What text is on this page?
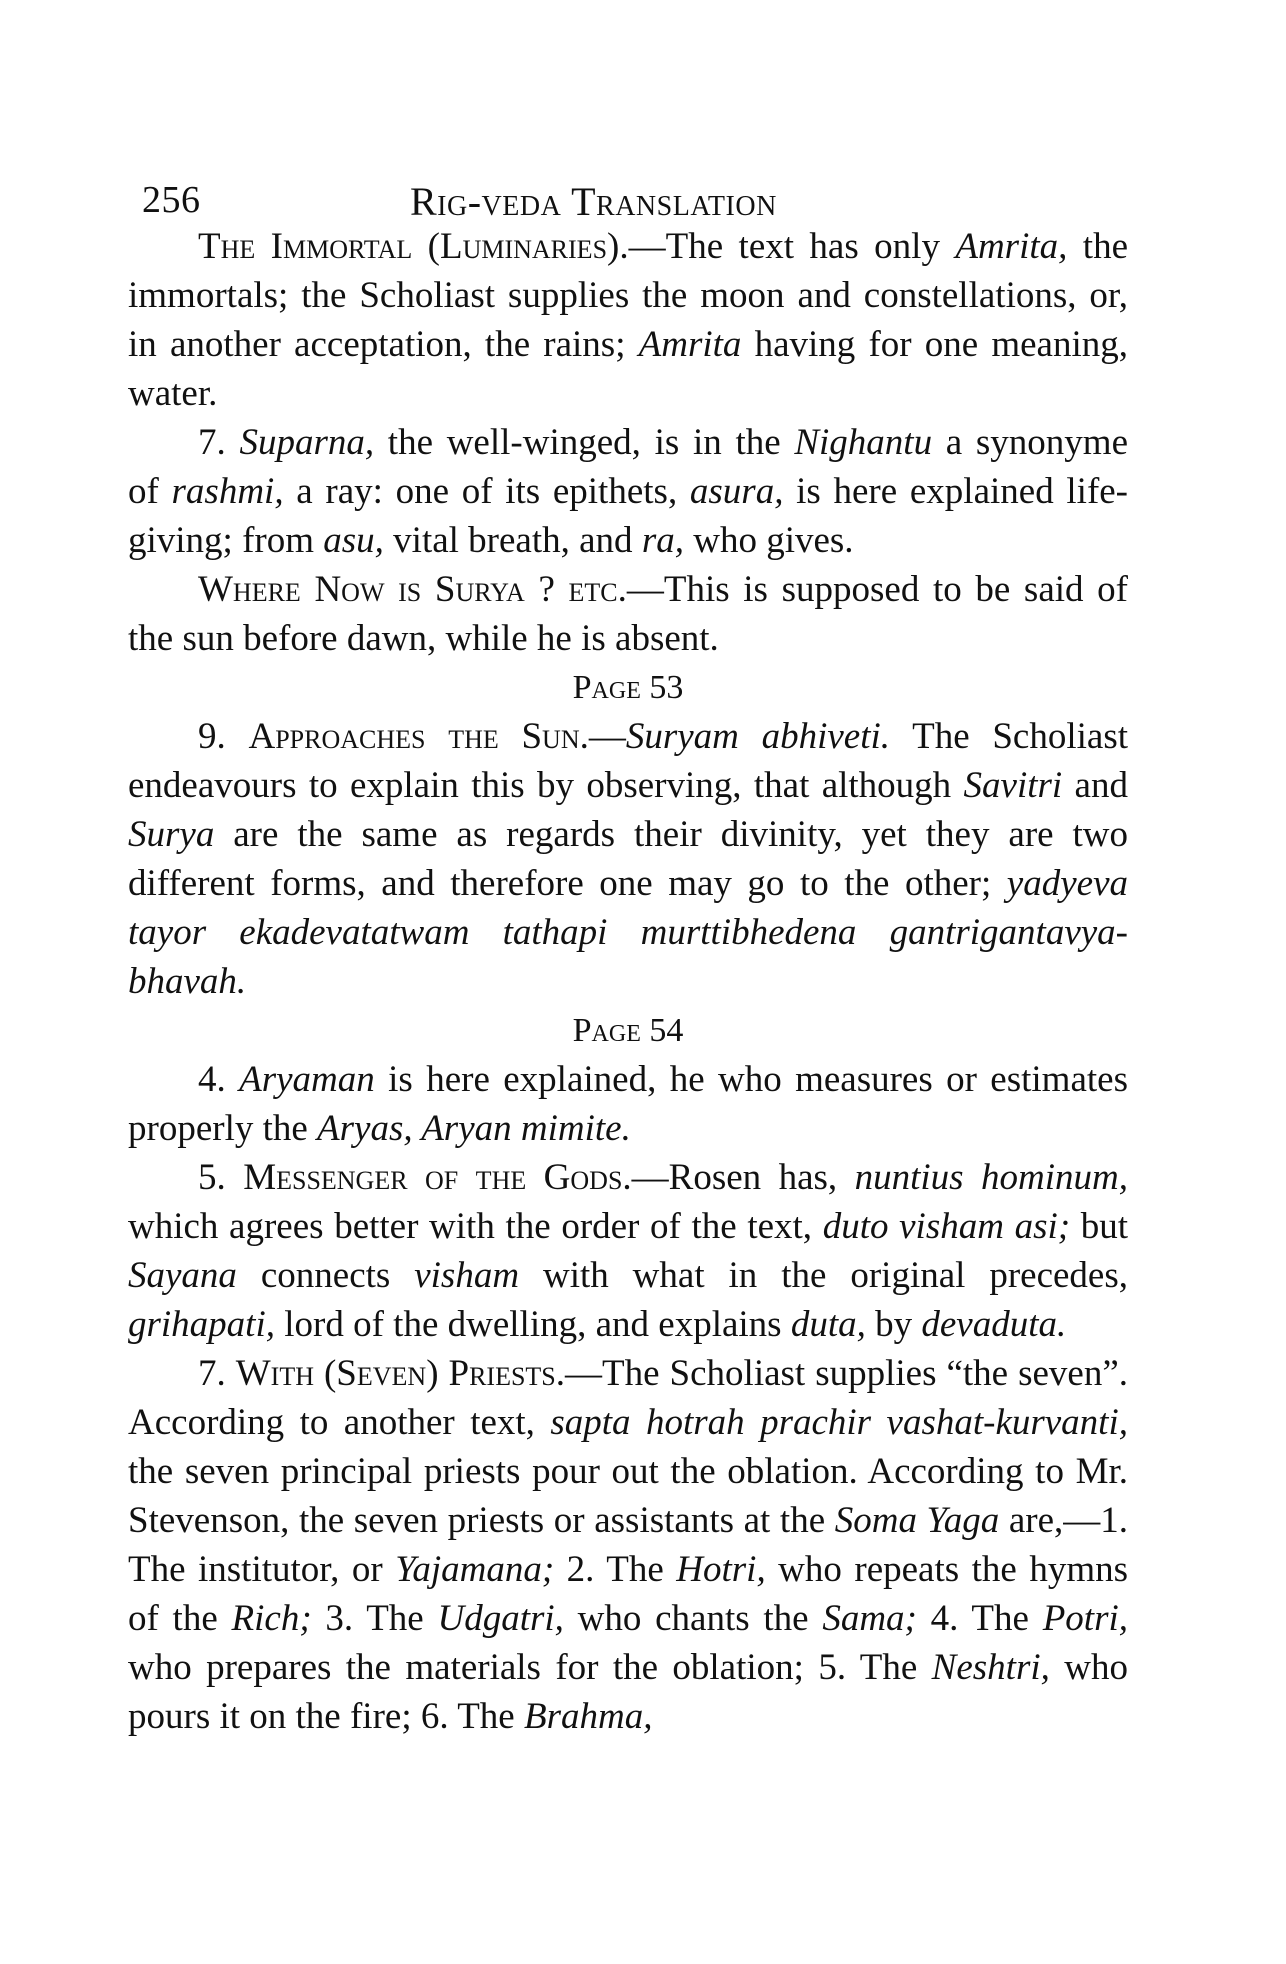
256	Rig-veda Translation

The Immortal (Luminaries).—The text has only Amrita, the immortals; the Scholiast supplies the moon and constellations, or, in another acceptation, the rains; Amrita having for one meaning, water.

7. Suparna, the well-winged, is in the Nighantu a synonyme of rashmi, a ray: one of its epithets, asura, is here explained life-giving; from asu, vital breath, and ra, who gives.

Where Now is Surya ? etc.—This is supposed to be said of the sun before dawn, while he is absent.

Page 53

9. Approaches the Sun.—Suryam abhiveti. The Scholiast endeavours to explain this by observing, that although Savitri and Surya are the same as regards their divinity, yet they are two different forms, and therefore one may go to the other; yadyeva tayor ekadevatatwam tathapi murttibhedena gantrigantavya-bhavah.

Page 54

4. Aryaman is here explained, he who measures or estimates properly the Aryas, Aryan mimite.

5. Messenger of the Gods.—Rosen has, nuntius hominum, which agrees better with the order of the text, duto visham asi; but Sayana connects visham with what in the original precedes, grihapati, lord of the dwelling, and explains duta, by devaduta.

7. With (Seven) Priests.—The Scholiast supplies “the seven”. According to another text, sapta hotrah prachir vashat-kurvanti, the seven principal priests pour out the oblation. According to Mr. Stevenson, the seven priests or assistants at the Soma Yaga are,—1. The institutor, or Yajamana; 2. The Hotri, who repeats the hymns of the Rich; 3. The Udgatri, who chants the Sama; 4. The Potri, who prepares the materials for the oblation; 5. The Neshtri, who pours it on the fire; 6. The Brahma,
